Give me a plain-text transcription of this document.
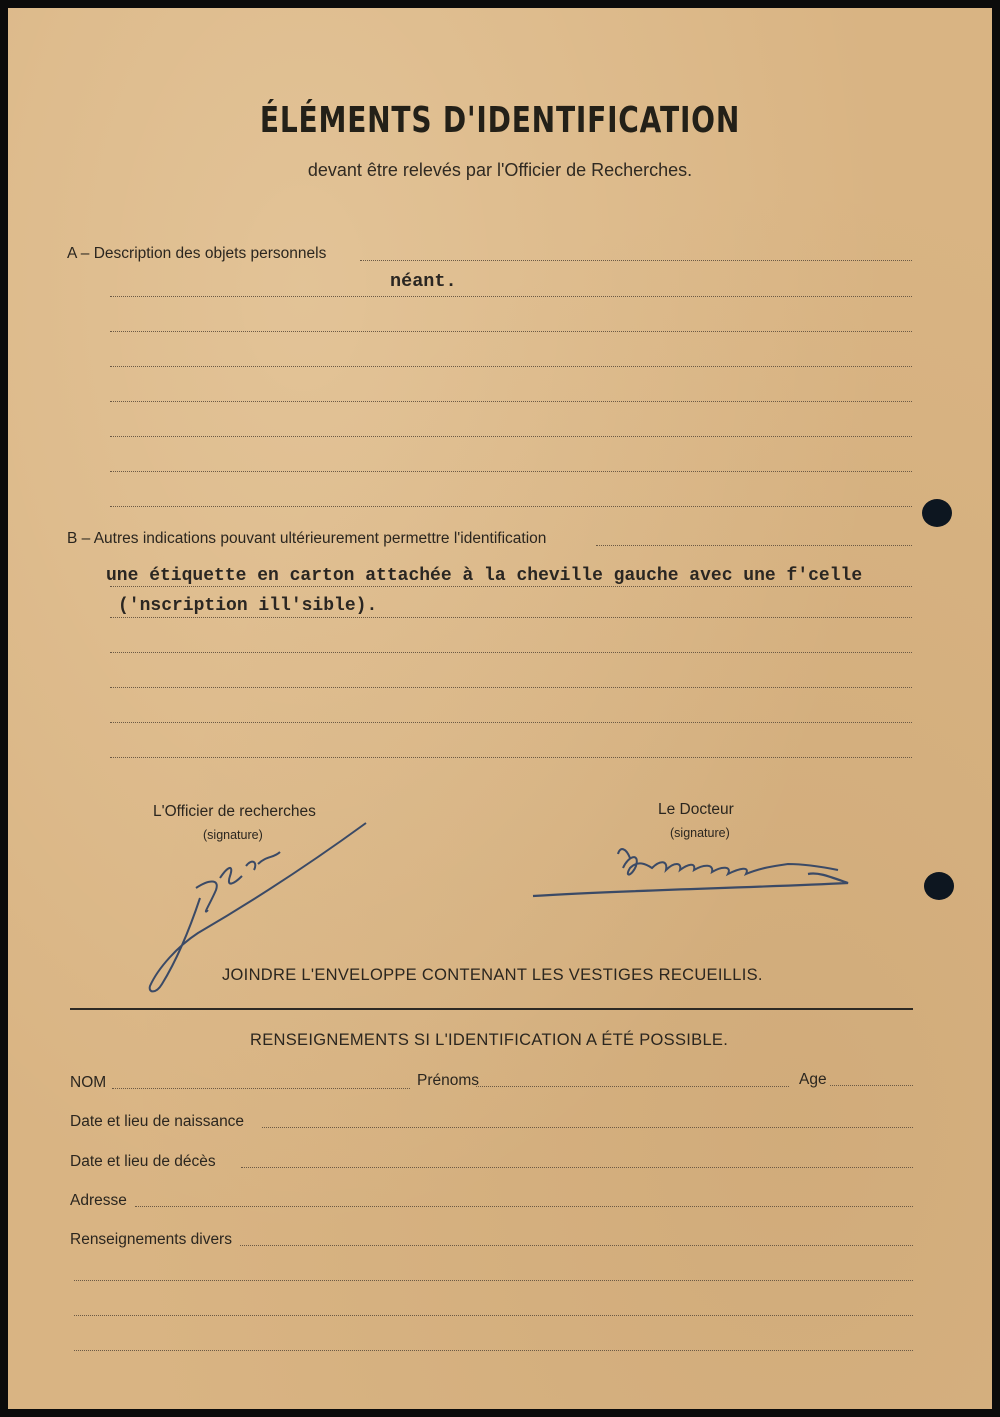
ÉLÉMENTS D'IDENTIFICATION
devant être relevés par l'Officier de Recherches.
A – Description des objets personnels
néant.
B – Autres indications pouvant ultérieurement permettre l'identification
une étiquette en carton attachée à la cheville gauche avec une f'celle
('nscription ill'sible).
L'Officier de recherches
(signature)
Le Docteur
(signature)
JOINDRE L'ENVELOPPE CONTENANT LES VESTIGES RECUEILLIS.
RENSEIGNEMENTS SI L'IDENTIFICATION A ÉTÉ POSSIBLE.
NOM	Prénoms	Age
Date et lieu de naissance
Date et lieu de décès
Adresse
Renseignements divers
